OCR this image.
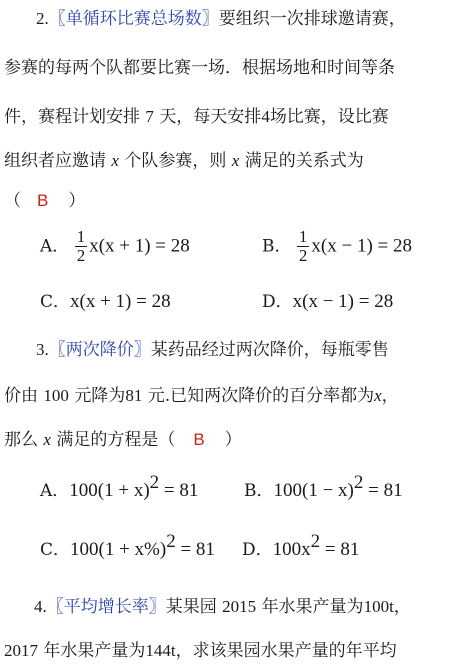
2.〖单循环比赛总场数〗要组织一次排球邀请赛，
参赛的每两个队都要比赛一场．根据场地和时间等条
件，赛程计划安排 7 天，每天安排4场比赛，设比赛
组织者应邀请 x 个队参赛，则 x 满足的关系式为
（ B ）
A． $\frac{1}{2} x(x + 1) = 28$	B． $\frac{1}{2} x(x - 1) = 28$
C．x(x + 1) = 28	D．x(x − 1) = 28
3.〖两次降价〗某药品经过两次降价，每瓶零售
价由 100 元降为81 元.已知两次降价的百分率都为x，
那么 x 满足的方程是（ B ）
A．$100(1 + x)^2 = 81$	B．$100(1 - x)^2 = 81$
C．$100(1 + x\%)^2 = 81$ D．$100x^2 = 81$
4.〖平均增长率〗某果园 2015 年水果产量为100t，
2017 年水果产量为144t，求该果园水果产量的年平均
